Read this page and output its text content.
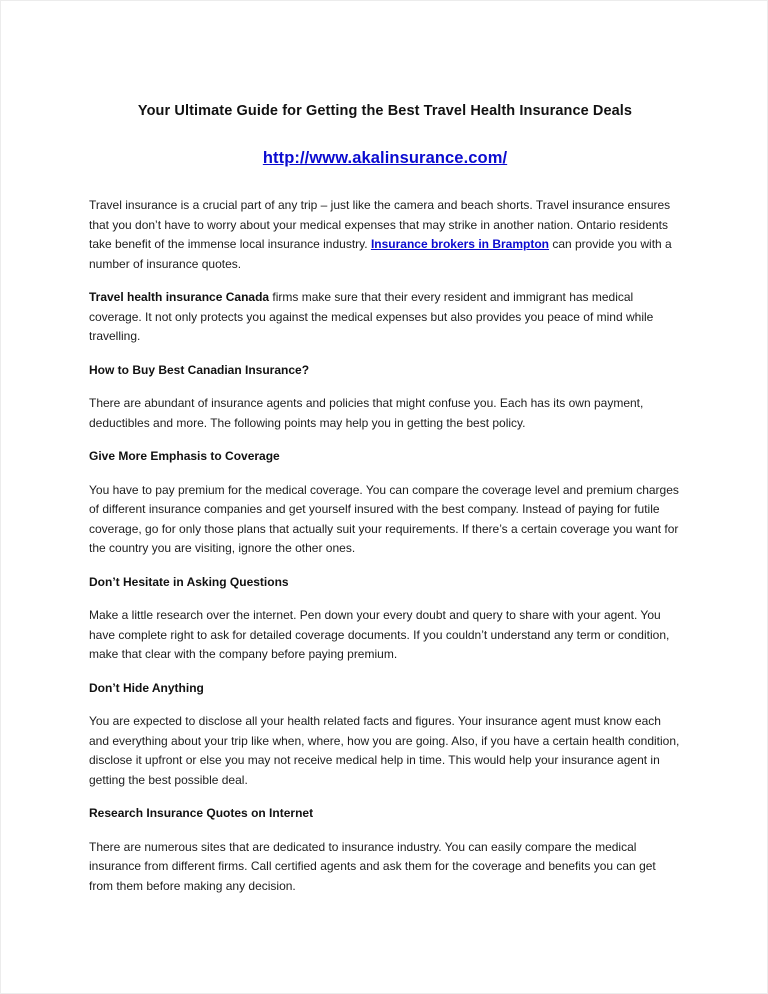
Your Ultimate Guide for Getting the Best Travel Health Insurance Deals
http://www.akalinsurance.com/

Travel insurance is a crucial part of any trip – just like the camera and beach shorts. Travel insurance ensures that you don’t have to worry about your medical expenses that may strike in another nation. Ontario residents take benefit of the immense local insurance industry. Insurance brokers in Brampton can provide you with a number of insurance quotes.

Travel health insurance Canada firms make sure that their every resident and immigrant has medical coverage. It not only protects you against the medical expenses but also provides you peace of mind while travelling.

How to Buy Best Canadian Insurance?

There are abundant of insurance agents and policies that might confuse you. Each has its own payment, deductibles and more. The following points may help you in getting the best policy.

Give More Emphasis to Coverage

You have to pay premium for the medical coverage. You can compare the coverage level and premium charges of different insurance companies and get yourself insured with the best company. Instead of paying for futile coverage, go for only those plans that actually suit your requirements. If there’s a certain coverage you want for the country you are visiting, ignore the other ones.

Don’t Hesitate in Asking Questions

Make a little research over the internet. Pen down your every doubt and query to share with your agent. You have complete right to ask for detailed coverage documents. If you couldn’t understand any term or condition, make that clear with the company before paying premium.

Don’t Hide Anything

You are expected to disclose all your health related facts and figures. Your insurance agent must know each and everything about your trip like when, where, how you are going. Also, if you have a certain health condition, disclose it upfront or else you may not receive medical help in time. This would help your insurance agent in getting the best possible deal.

Research Insurance Quotes on Internet

There are numerous sites that are dedicated to insurance industry. You can easily compare the medical insurance from different firms. Call certified agents and ask them for the coverage and benefits you can get from them before making any decision.
